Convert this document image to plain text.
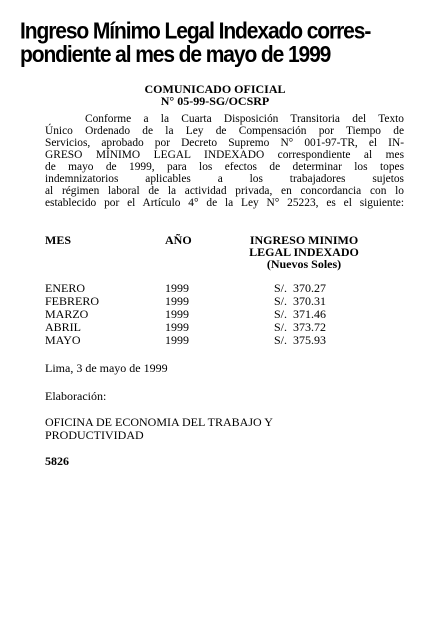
Ingreso Mínimo Legal Indexado corres-
pondiente al mes de mayo de 1999
COMUNICADO OFICIAL
N° 05-99-SG/OCSRP
Conforme a la Cuarta Disposición Transitoria del Texto
Único Ordenado de la Ley de Compensación por Tiempo de
Servicios, aprobado por Decreto Supremo N° 001-97-TR, el IN-
GRESO MÍNIMO LEGAL INDEXADO correspondiente al mes
de mayo de 1999, para los efectos de determinar los topes
indemnizatorios aplicables a los trabajadores sujetos
al régimen laboral de la actividad privada, en concordancia con lo
establecido por el Artículo 4° de la Ley N° 25223, es el siguiente:
MES	AÑO	INGRESO MINIMO
LEGAL INDEXADO
(Nuevos Soles)
ENERO	1999	S/. 370.27
FEBRERO	1999	S/. 370.31
MARZO	1999	S/. 371.46
ABRIL	1999	S/. 373.72
MAYO	1999	S/. 375.93
Lima, 3 de mayo de 1999
Elaboración:
OFICINA DE ECONOMIA DEL TRABAJO Y
PRODUCTIVIDAD
5826
